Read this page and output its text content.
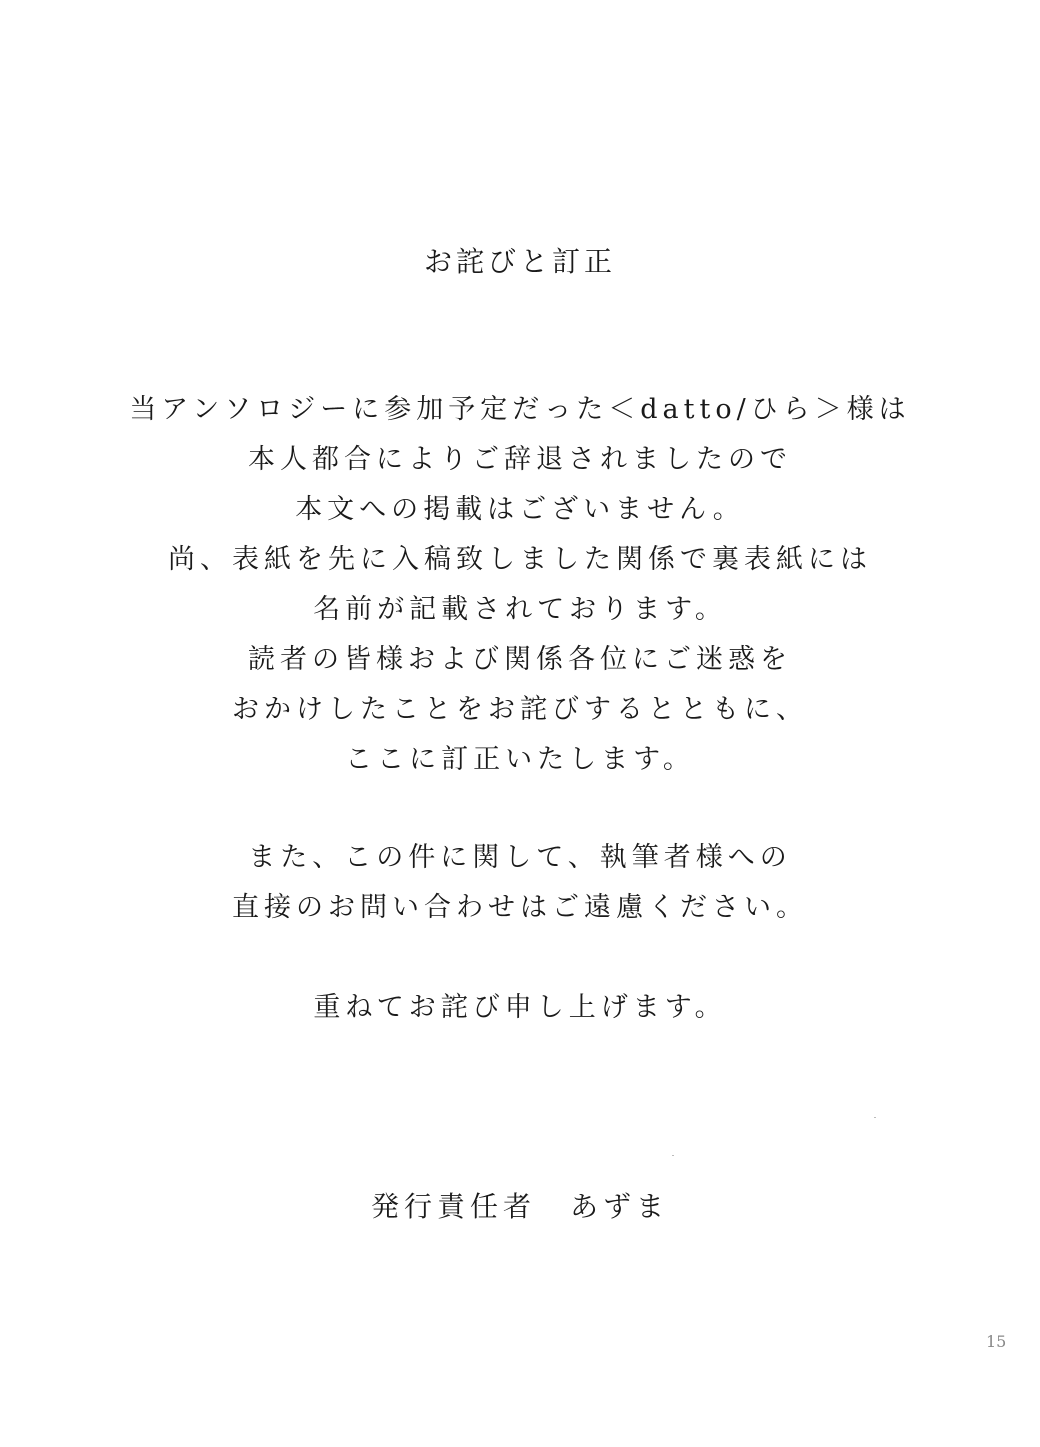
お詫びと訂正
当アンソロジーに参加予定だった＜datto/ひら＞様は
本人都合によりご辞退されましたので
本文への掲載はございません。
尚、表紙を先に入稿致しました関係で裏表紙には
名前が記載されております。
読者の皆様および関係各位にご迷惑を
おかけしたことをお詫びするとともに、
ここに訂正いたします。
また、この件に関して、執筆者様への
直接のお問い合わせはご遠慮ください。
重ねてお詫び申し上げます。
発行責任者 あずま
15
